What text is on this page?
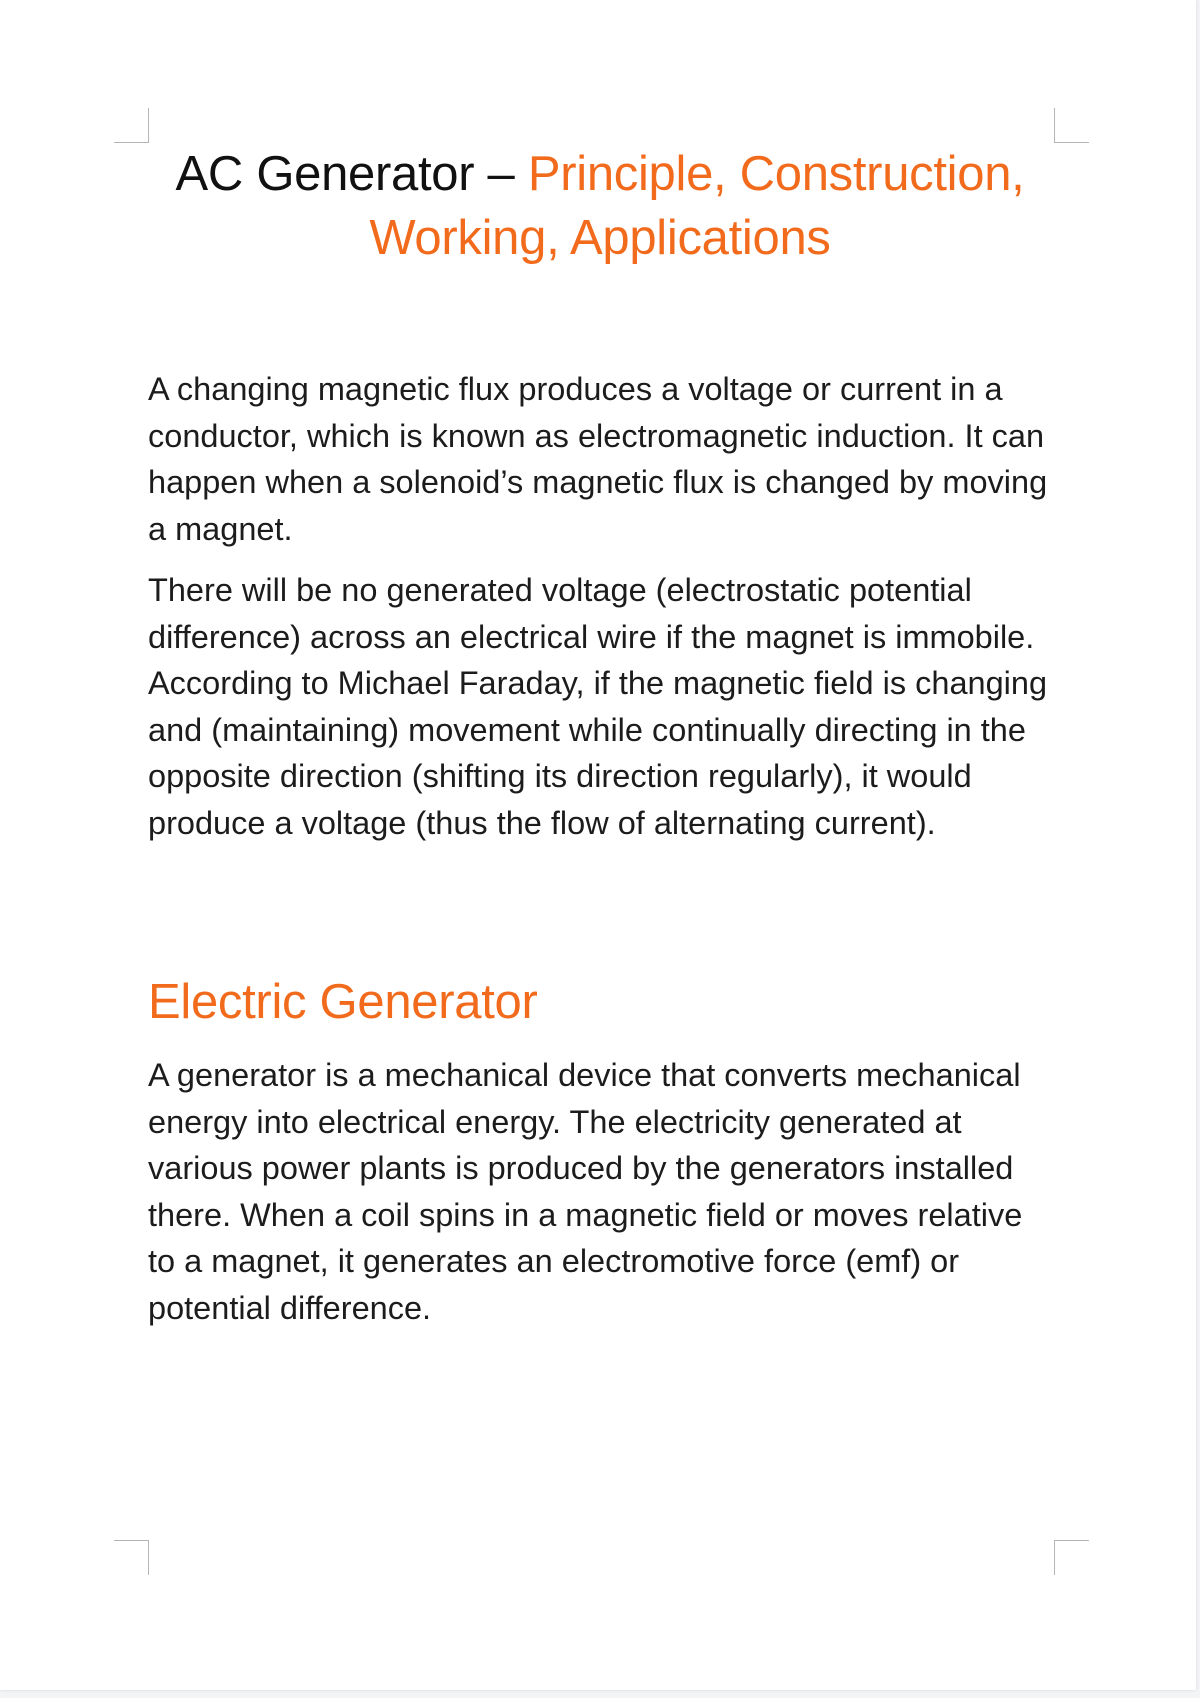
AC Generator – Principle, Construction, Working, Applications

A changing magnetic flux produces a voltage or current in a conductor, which is known as electromagnetic induction. It can happen when a solenoid’s magnetic flux is changed by moving a magnet.

There will be no generated voltage (electrostatic potential difference) across an electrical wire if the magnet is immobile. According to Michael Faraday, if the magnetic field is changing and (maintaining) movement while continually directing in the opposite direction (shifting its direction regularly), it would produce a voltage (thus the flow of alternating current).

Electric Generator

A generator is a mechanical device that converts mechanical energy into electrical energy. The electricity generated at various power plants is produced by the generators installed there. When a coil spins in a magnetic field or moves relative to a magnet, it generates an electromotive force (emf) or potential difference.
